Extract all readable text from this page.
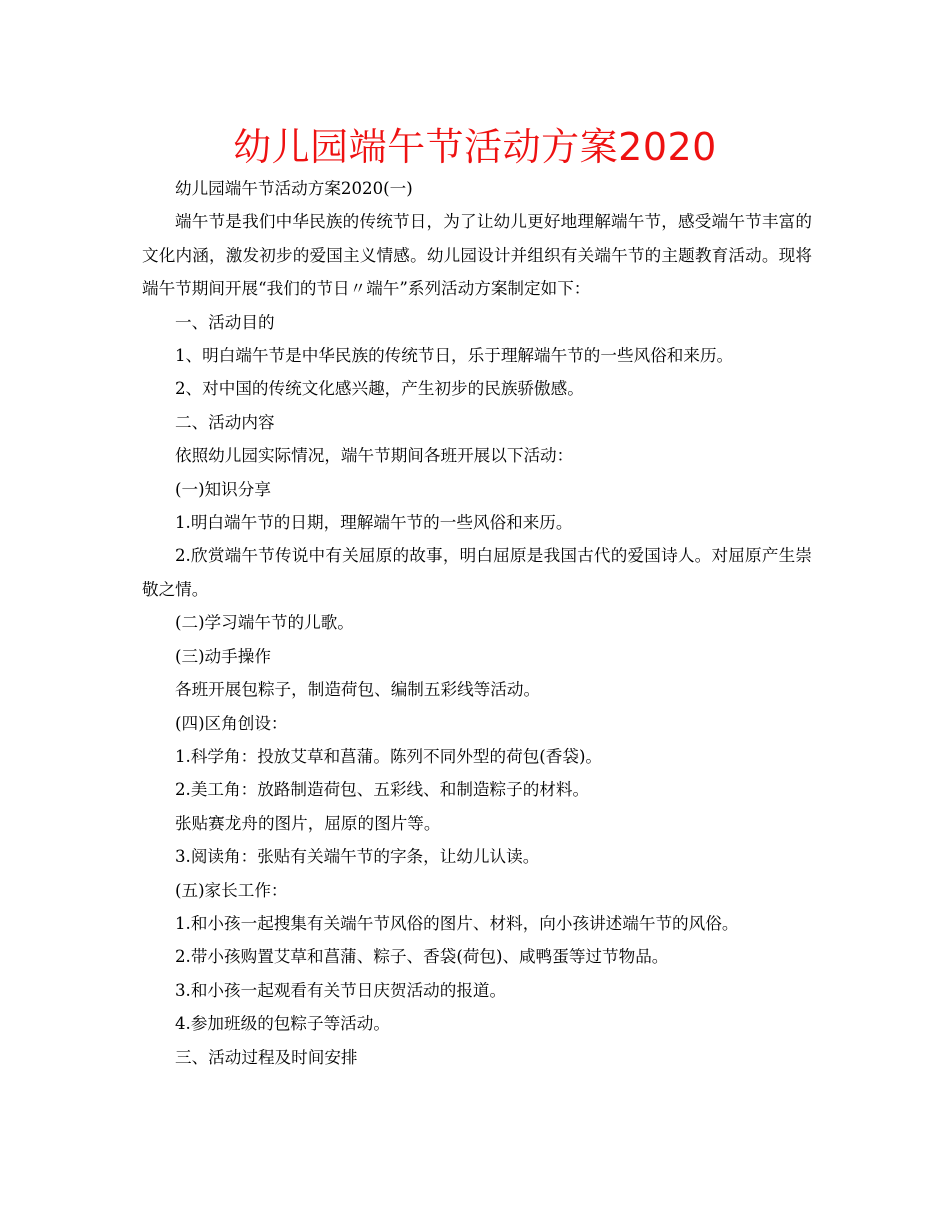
幼儿园端午节活动方案2020

幼儿园端午节活动方案2020(一)

端午节是我们中华民族的传统节日，为了让幼儿更好地理解端午节，感受端午节丰富的文化内涵，激发初步的爱国主义情感。幼儿园设计并组织有关端午节的主题教育活动。现将端午节期间开展“我们的节日〃端午”系列活动方案制定如下：

一、活动目的

1、明白端午节是中华民族的传统节日，乐于理解端午节的一些风俗和来历。

2、对中国的传统文化感兴趣，产生初步的民族骄傲感。

二、活动内容

依照幼儿园实际情况，端午节期间各班开展以下活动：

(一)知识分享

1.明白端午节的日期，理解端午节的一些风俗和来历。

2.欣赏端午节传说中有关屈原的故事，明白屈原是我国古代的爱国诗人。对屈原产生崇敬之情。

(二)学习端午节的儿歌。

(三)动手操作

各班开展包粽子，制造荷包、编制五彩线等活动。

(四)区角创设：

1.科学角：投放艾草和菖蒲。陈列不同外型的荷包(香袋)。

2.美工角：放路制造荷包、五彩线、和制造粽子的材料。

张贴赛龙舟的图片，屈原的图片等。

3.阅读角：张贴有关端午节的字条，让幼儿认读。

(五)家长工作：

1.和小孩一起搜集有关端午节风俗的图片、材料，向小孩讲述端午节的风俗。

2.带小孩购置艾草和菖蒲、粽子、香袋(荷包)、咸鸭蛋等过节物品。

3.和小孩一起观看有关节日庆贺活动的报道。

4.参加班级的包粽子等活动。

三、活动过程及时间安排
